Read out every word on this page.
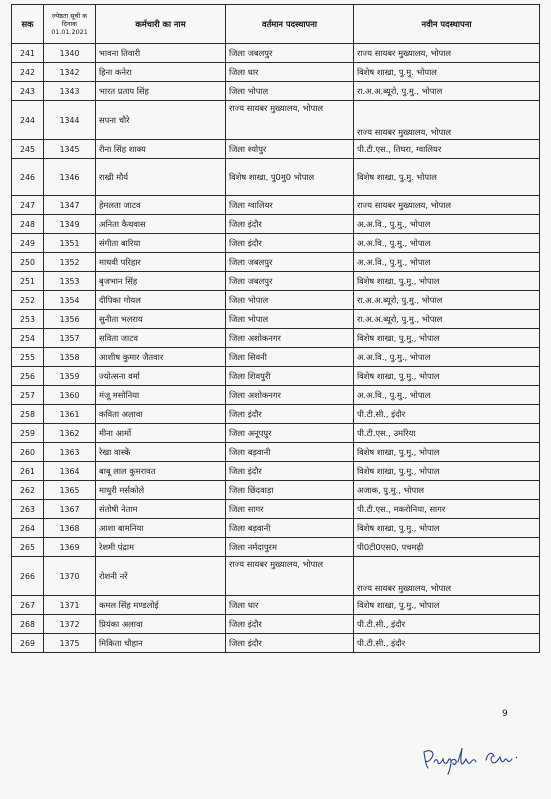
सक	ज्येष्ठता सूची क दिनाक 01.01.2021	कर्मचारी का नाम	वर्तमान पदस्थापना	नवीन पदस्थापना
241	1340	भावना तिवारी	जिला जबलपुर	राज्य सायबर मुख्यालय, भोपाल
242	1342	हिना कनेरा	जिला धार	विशेष शाखा, पु.मु. भोपाल
243	1343	भारत प्रताप सिंह	जिला भोपाल	रा.अ.अ.ब्यूरो, पु.मु., भोपाल
244	1344	सपना चौरे	राज्य सायबर मुख्यालय, भोपाल	राज्य सायबर मुख्यालय, भोपाल
245	1345	रीना सिंह शाक्य	जिला श्योपुर	पी.टी.एस., तिघरा, ग्वालियर
246	1346	राखी मौर्य	विशेष शाखा, पु0मु0 भोपाल	विशेष शाखा, पु.मु. भोपाल
247	1347	हेमलता जाटव	जिला ग्वालियर	राज्य सायबर मुख्यालय, भोपाल
248	1349	अनिता कैथवास	जिला इंदौर	अ.अ.वि., पु.मु., भोपाल
249	1351	संगीता बारिया	जिला इंदौर	अ.अ.वि., पु.मु., भोपाल
250	1352	माधवी परिहार	जिला जबलपुर	अ.अ.वि., पु.मु., भोपाल
251	1353	बृजभान सिंह	जिला जबलपुर	विशेष शाखा, पु.मु., भोपाल
252	1354	दीपिका गोयल	जिला भोपाल	रा.अ.अ.ब्यूरो, पु.मु., भोपाल
253	1356	सुनीता भलराय	जिला भोपाल	रा.अ.अ.ब्यूरो, पु.मु., भोपाल
254	1357	सविता जाटव	जिला अशोकनगर	विशेष शाखा, पु.मु., भोपाल
255	1358	आशीष कुमार जैतवार	जिला सिवनी	अ.अ.वि., पु.मु., भोपाल
256	1359	ज्योत्सना वर्मा	जिला शिवपुरी	विशेष शाखा, पु.मु., भोपाल
257	1360	मंजू मसोनिया	जिला अशोकनगर	अ.अ.वि., पु.मु., भोपाल
258	1361	कविता अलावा	जिला इंदौर	पी.टी.सी., इंदौर
259	1362	मीना आर्मो	जिला अनूपपुर	पी.टी.एस., उमरिया
260	1363	रेखा वास्कें	जिला बड़वानी	विशेष शाखा, पु.मु., भोपाल
261	1364	बाबू लाल कुमरावत	जिला इंदौर	विशेष शाखा, पु.मु., भोपाल
262	1365	माधुरी मर्सकोले	जिला छिंदवाड़ा	अजाक, पु.मु., भोपाल
263	1367	संतोषी नेताम	जिला सागर	पी.टी.एस., मकरोनिया, सागर
264	1368	आशा बामनिया	जिला बड़वानी	विशेष शाखा, पु.मु., भोपाल
265	1369	रेशमी पंद्राम	जिला नर्मदापुरम	पी0टी0एस0, पचमढ़ी
266	1370	रोशनी नरें	राज्य सायबर मुख्यालय, भोपाल	राज्य सायबर मुख्यालय, भोपाल
267	1371	कमल सिंह मण्डलोई	जिला धार	विशेष शाखा, पु.मु., भोपाल
268	1372	प्रियंका अलावा	जिला इंदौर	पी.टी.सी., इंदौर
269	1375	मिकिता चौहान	जिला इंदौर	पी.टी.सी., इंदौर
9
